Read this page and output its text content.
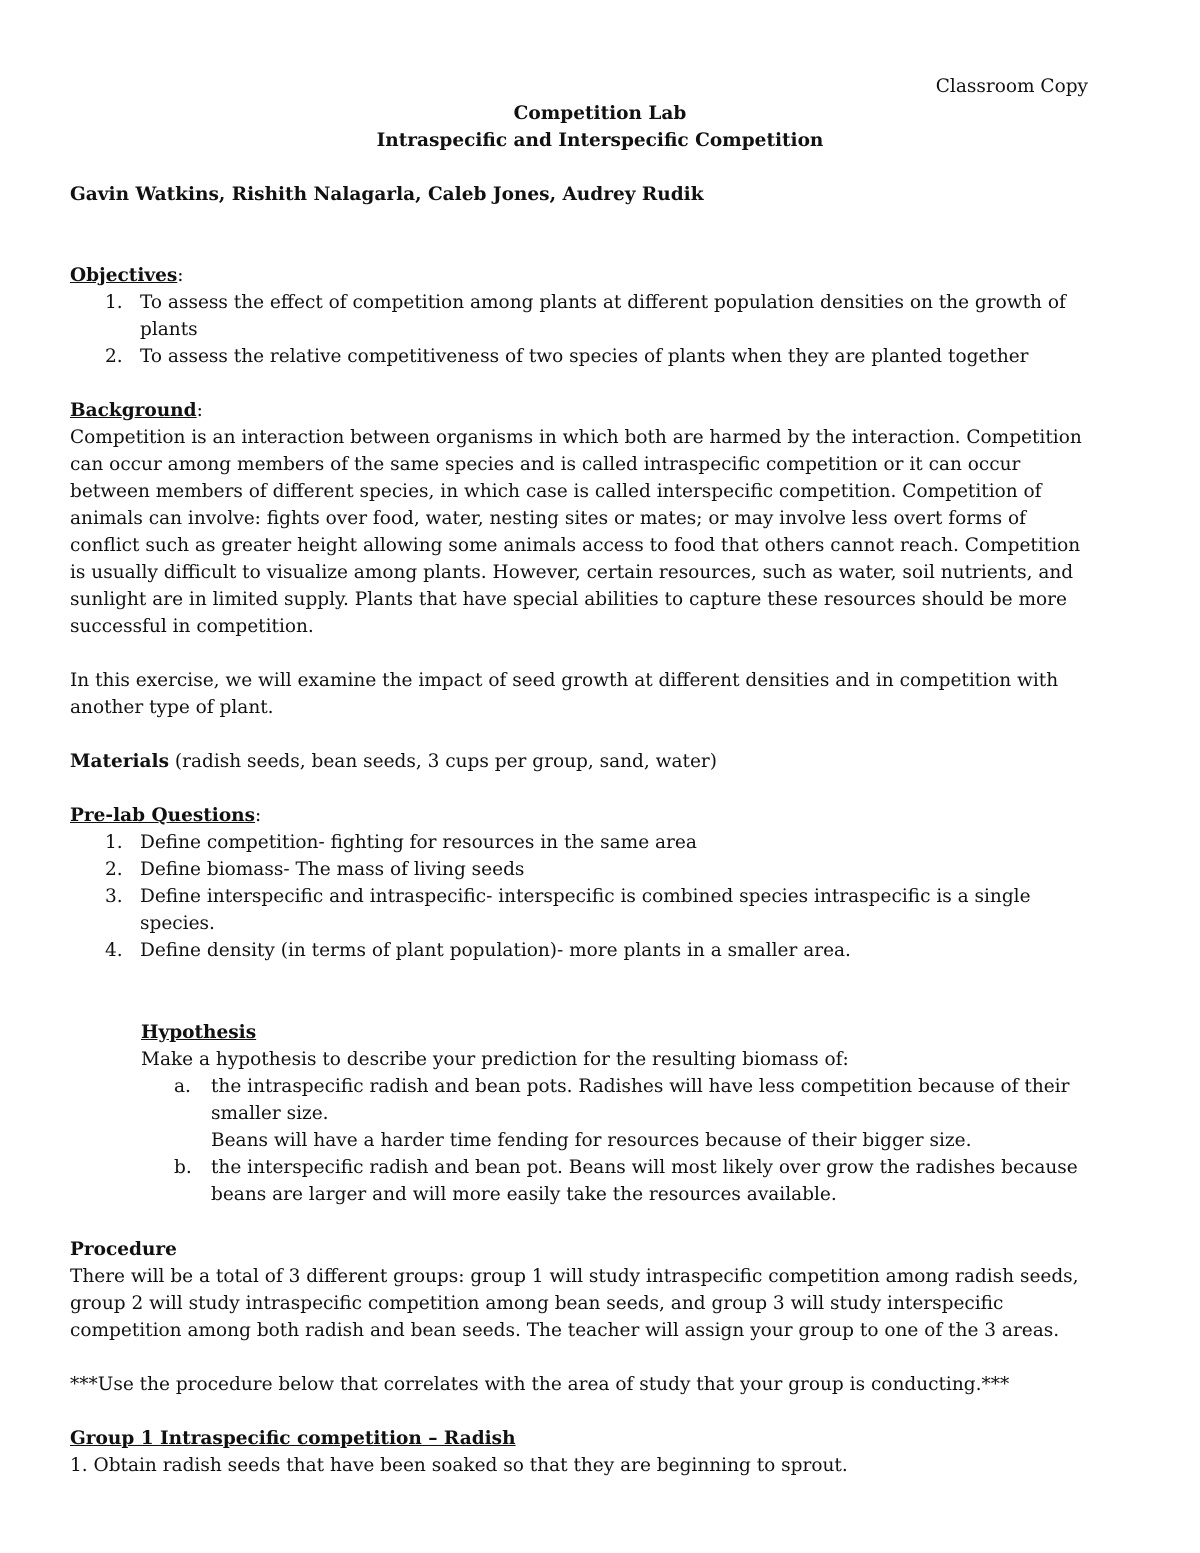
Classroom Copy
Competition Lab
Intraspecific and Interspecific Competition
Gavin Watkins, Rishith Nalagarla, Caleb Jones, Audrey Rudik
Objectives:
1. To assess the effect of competition among plants at different population densities on the growth of plants
2. To assess the relative competitiveness of two species of plants when they are planted together
Background:

Competition is an interaction between organisms in which both are harmed by the interaction. Competition can occur among members of the same species and is called intraspecific competition or it can occur between members of different species, in which case is called interspecific competition. Competition of animals can involve: fights over food, water, nesting sites or mates; or may involve less overt forms of conflict such as greater height allowing some animals access to food that others cannot reach. Competition is usually difficult to visualize among plants. However, certain resources, such as water, soil nutrients, and sunlight are in limited supply. Plants that have special abilities to capture these resources should be more successful in competition.

In this exercise, we will examine the impact of seed growth at different densities and in competition with another type of plant.

Materials (radish seeds, bean seeds, 3 cups per group, sand, water)
Pre-lab Questions:
1. Define competition- fighting for resources in the same area
2. Define biomass- The mass of living seeds
3. Define interspecific and intraspecific- interspecific is combined species intraspecific is a single species.
4. Define density (in terms of plant population)- more plants in a smaller area.
Hypothesis
Make a hypothesis to describe your prediction for the resulting biomass of:
a. the intraspecific radish and bean pots. Radishes will have less competition because of their smaller size.
Beans will have a harder time fending for resources because of their bigger size.
b. the interspecific radish and bean pot. Beans will most likely over grow the radishes because beans are larger and will more easily take the resources available.
Procedure

There will be a total of 3 different groups: group 1 will study intraspecific competition among radish seeds, group 2 will study intraspecific competition among bean seeds, and group 3 will study interspecific competition among both radish and bean seeds. The teacher will assign your group to one of the 3 areas.

***Use the procedure below that correlates with the area of study that your group is conducting.***
Group 1 Intraspecific competition – Radish
1. Obtain radish seeds that have been soaked so that they are beginning to sprout.
